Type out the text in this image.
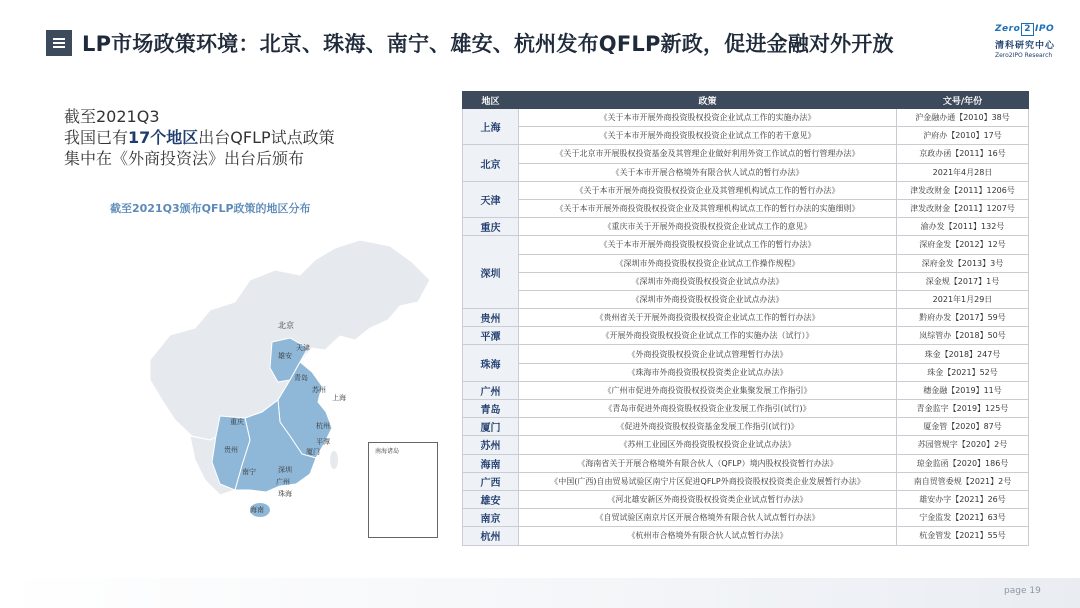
LP市场政策环境：北京、珠海、南宁、雄安、杭州发布QFLP新政，促进金融对外开放
Zero 2 IPO
清科研究中心
Zero2IPO Research
截至2021Q3
我国已有17个地区出台QFLP试点政策
集中在《外商投资法》出台后颁布
截至2021Q3颁布QFLP政策的地区分布
北京
天津
雄安
青岛
苏州
上海
杭州
重庆
贵州
平潭
厦门
南宁	深圳
广州
珠海
海南
南海诸岛
地区	政策	文号/年份
上海	《关于本市开展外商投资股权投资企业试点工作的实施办法》	沪金融办通【2010】38号
	《关于本市开展外商投资股权投资企业试点工作的若干意见》	沪府办【2010】17号
北京	《关于北京市开展股权投资基金及其管理企业做好利用外资工作试点的暂行管理办法》	京政办函【2011】16号
	《关于本市开展合格境外有限合伙人试点的暂行办法》	2021年4月28日
天津	《关于本市开展外商投资股权投资企业及其管理机构试点工作的暂行办法》	津发改财金【2011】1206号
	《关于本市开展外商投资股权投资企业及其管理机构试点工作的暂行办法的实施细则》	津发改财金【2011】1207号
重庆	《重庆市关于开展外商投资股权投资企业试点工作的意见》	渝办发【2011】132号
深圳	《关于本市开展外商投资股权投资企业试点工作的暂行办法》	深府金发【2012】12号
	《深圳市外商投资股权投资企业试点工作操作规程》	深府金发【2013】3号
	《深圳市外商投资股权投资企业试点办法》	深金规【2017】1号
	《深圳市外商投资股权投资企业试点办法》	2021年1月29日
贵州	《贵州省关于开展外商投资股权投资企业试点工作的暂行办法》	黔府办发【2017】59号
平潭	《开展外商投资股权投资企业试点工作的实施办法（试行）》	岚综管办【2018】50号
珠海	《外商投资股权投资企业试点管理暂行办法》	珠金【2018】247号
	《珠海市外商投资股权投资类企业试点办法》	珠金【2021】52号
广州	《广州市促进外商投资股权投资类企业集聚发展工作指引》	穗金融【2019】11号
青岛	《青岛市促进外商投资股权投资企业发展工作指引(试行)》	青金监字【2019】125号
厦门	《促进外商投资股权投资基金发展工作指引(试行)》	厦金管【2020】87号
苏州	《苏州工业园区外商投资股权投资企业试点办法》	苏园管规字【2020】2号
海南	《海南省关于开展合格境外有限合伙人（QFLP）境内股权投资暂行办法》	琼金监函【2020】186号
广西	《中国(广西)自由贸易试验区南宁片区促进QFLP外商投资股权投资类企业发展暂行办法》	南自贸管委规【2021】2号
雄安	《河北雄安新区外商投资股权投资类企业试点暂行办法》	雄安办字【2021】26号
南京	《自贸试验区南京片区开展合格境外有限合伙人试点暂行办法》	宁金监发【2021】63号
杭州	《杭州市合格境外有限合伙人试点暂行办法》	杭金管发【2021】55号
page 19
